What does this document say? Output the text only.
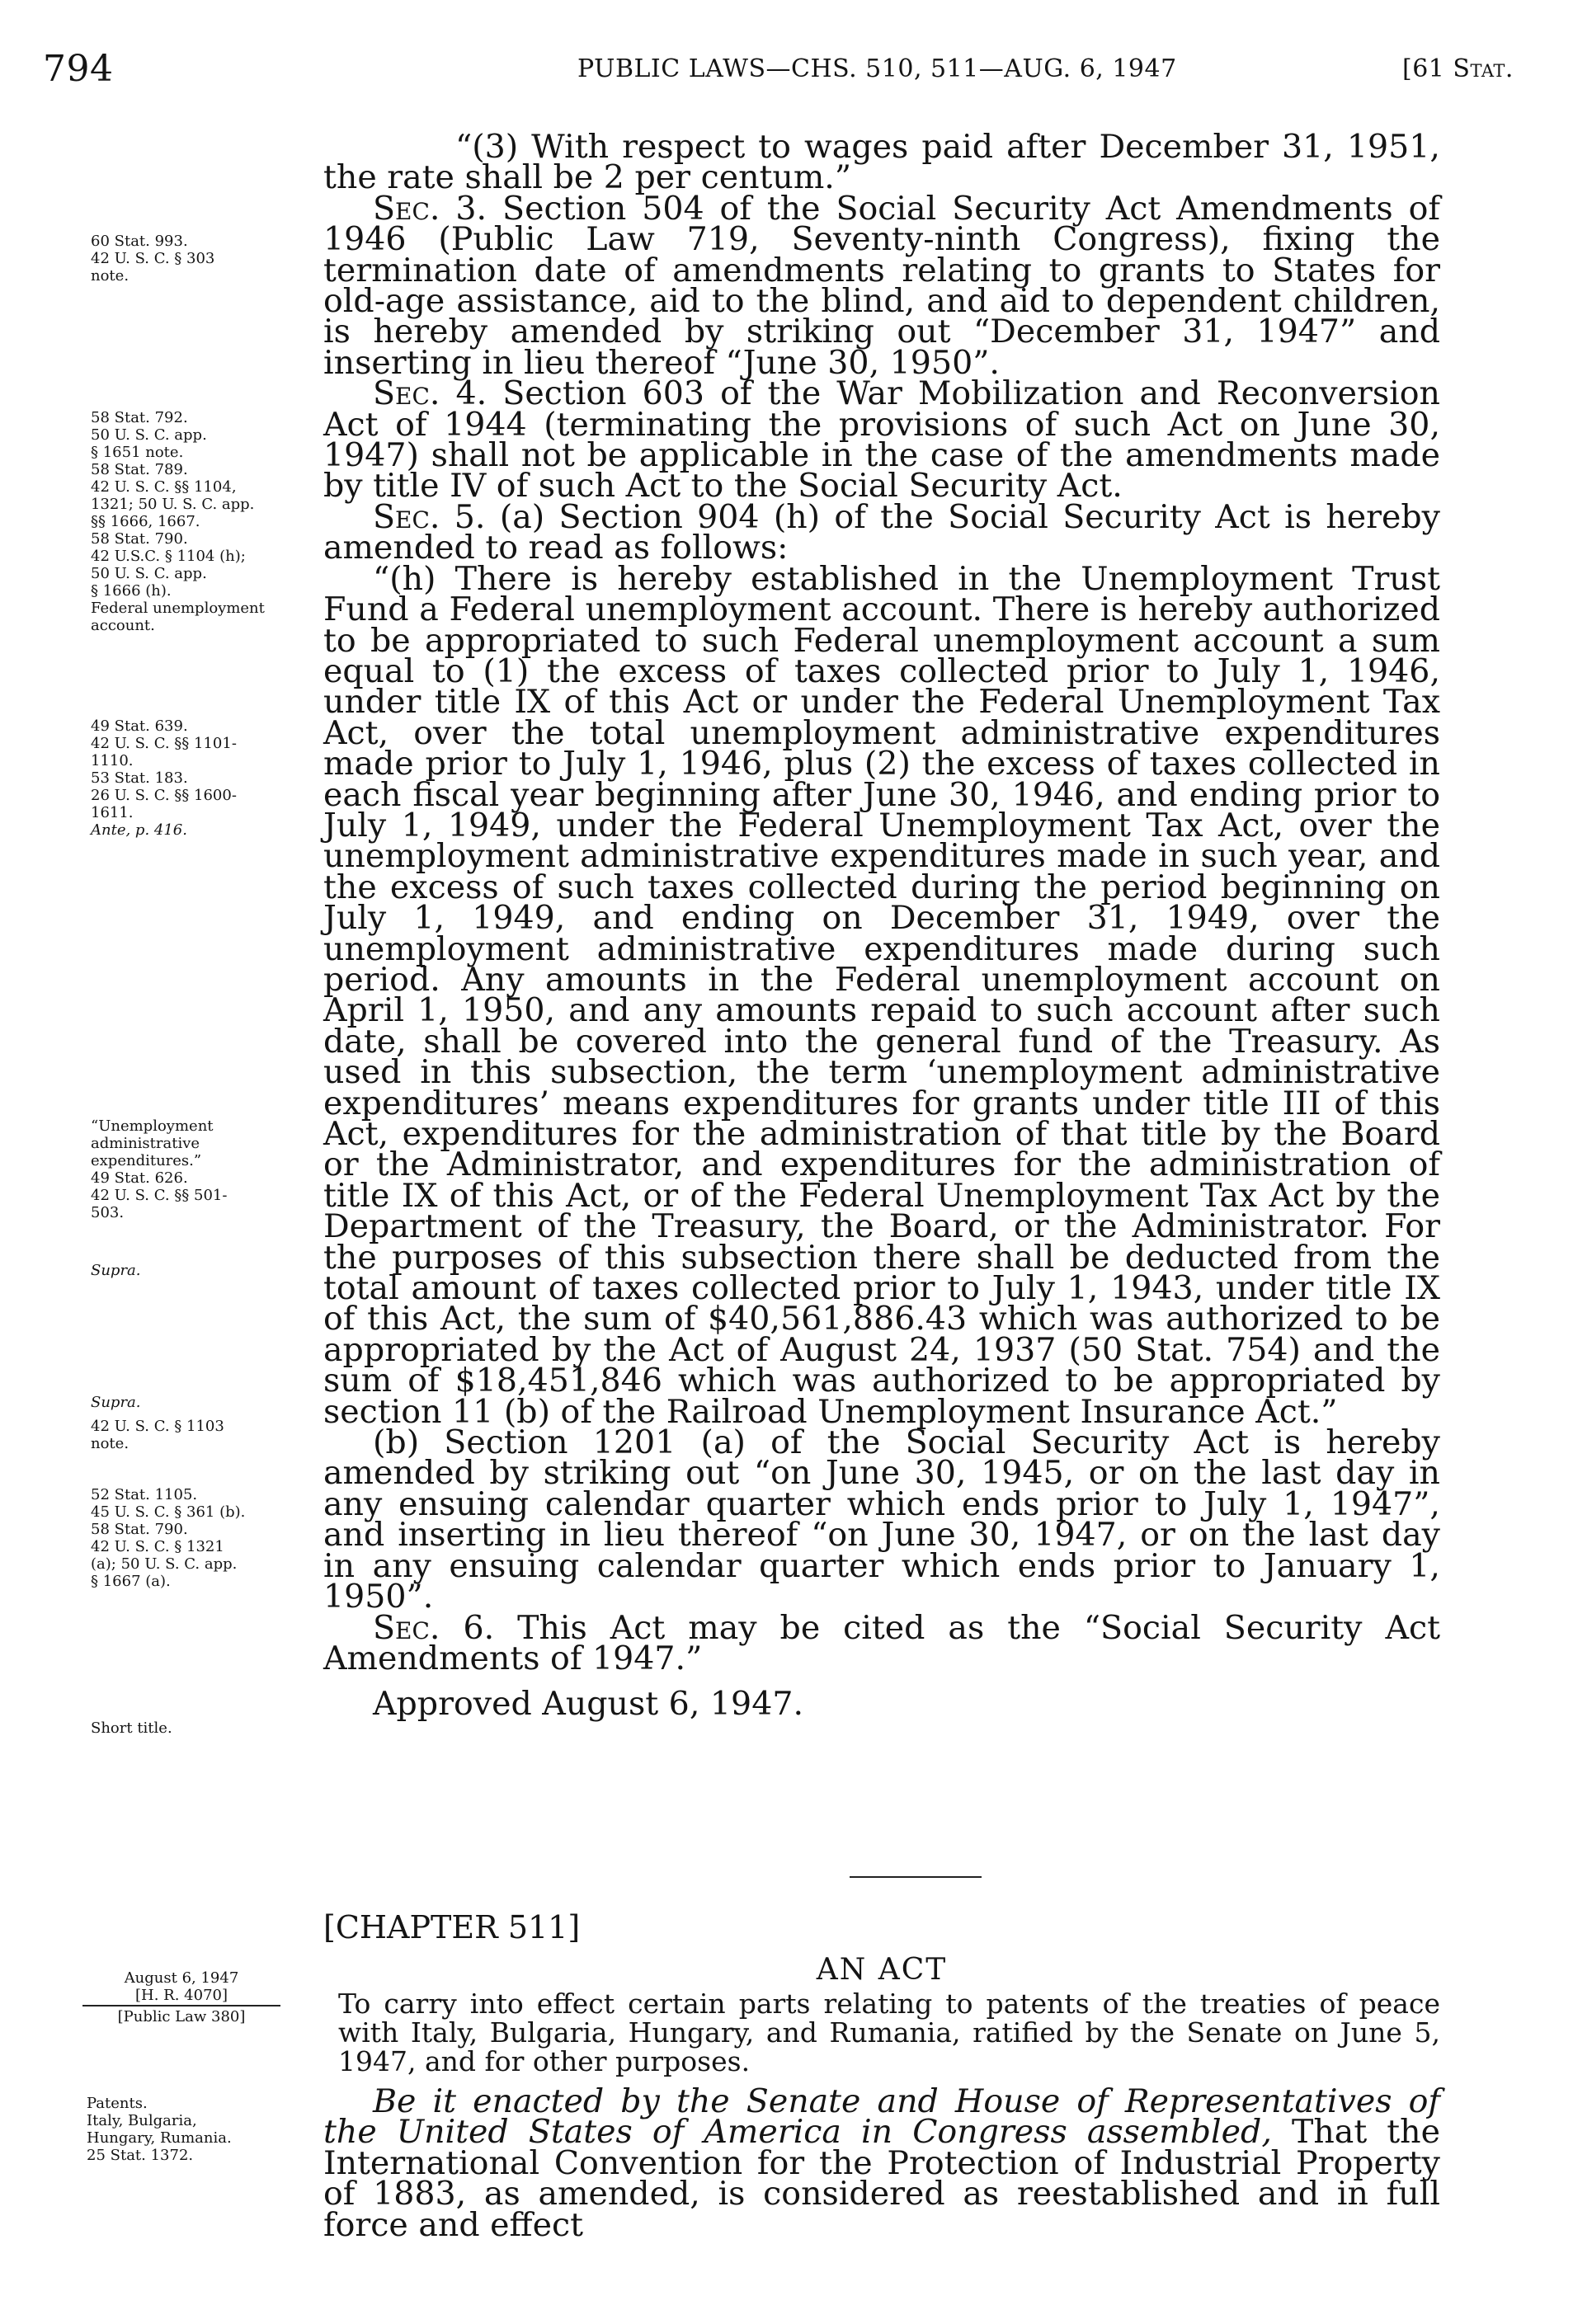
794	PUBLIC LAWS—CHS. 510, 511—AUG. 6, 1947	[61 Stat.

“(3) With respect to wages paid after December 31, 1951, the rate shall be 2 per centum.”

Sec. 3. Section 504 of the Social Security Act Amendments of 1946 (Public Law 719, Seventy-ninth Congress), fixing the termination date of amendments relating to grants to States for old-age assistance, aid to the blind, and aid to dependent children, is hereby amended by striking out “December 31, 1947” and inserting in lieu thereof “June 30, 1950”.

Sec. 4. Section 603 of the War Mobilization and Reconversion Act of 1944 (terminating the provisions of such Act on June 30, 1947) shall not be applicable in the case of the amendments made by title IV of such Act to the Social Security Act.

Sec. 5. (a) Section 904 (h) of the Social Security Act is hereby amended to read as follows:

“(h) There is hereby established in the Unemployment Trust Fund a Federal unemployment account. There is hereby authorized to be appropriated to such Federal unemployment account a sum equal to (1) the excess of taxes collected prior to July 1, 1946, under title IX of this Act or under the Federal Unemployment Tax Act, over the total unemployment administrative expenditures made prior to July 1, 1946, plus (2) the excess of taxes collected in each fiscal year beginning after June 30, 1946, and ending prior to July 1, 1949, under the Federal Unemployment Tax Act, over the unemployment administrative expenditures made in such year, and the excess of such taxes collected during the period beginning on July 1, 1949, and ending on December 31, 1949, over the unemployment administrative expenditures made during such period. Any amounts in the Federal unemployment account on April 1, 1950, and any amounts repaid to such account after such date, shall be covered into the general fund of the Treasury. As used in this subsection, the term ‘unemployment administrative expenditures’ means expenditures for grants under title III of this Act, expenditures for the administration of that title by the Board or the Administrator, and expenditures for the administration of title IX of this Act, or of the Federal Unemployment Tax Act by the Department of the Treasury, the Board, or the Administrator. For the purposes of this subsection there shall be deducted from the total amount of taxes collected prior to July 1, 1943, under title IX of this Act, the sum of $40,561,886.43 which was authorized to be appropriated by the Act of August 24, 1937 (50 Stat. 754) and the sum of $18,451,846 which was authorized to be appropriated by section 11 (b) of the Railroad Unemployment Insurance Act.”

(b) Section 1201 (a) of the Social Security Act is hereby amended by striking out “on June 30, 1945, or on the last day in any ensuing calendar quarter which ends prior to July 1, 1947”, and inserting in lieu thereof “on June 30, 1947, or on the last day in any ensuing calendar quarter which ends prior to January 1, 1950”.

Sec. 6. This Act may be cited as the “Social Security Act Amendments of 1947.”

Approved August 6, 1947.

[CHAPTER 511]
AN ACT
To carry into effect certain parts relating to patents of the treaties of peace with Italy, Bulgaria, Hungary, and Rumania, ratified by the Senate on June 5, 1947, and for other purposes.

Be it enacted by the Senate and House of Representatives of the United States of America in Congress assembled, That the International Convention for the Protection of Industrial Property of 1883, as amended, is considered as reestablished and in full force and effect

60 Stat. 993.
42 U. S. C. § 303
note.
58 Stat. 792.
50 U. S. C. app.
§ 1651 note.
58 Stat. 789.
42 U. S. C. §§ 1104,
1321; 50 U. S. C. app.
§§ 1666, 1667.
58 Stat. 790.
42 U.S.C. § 1104 (h);
50 U. S. C. app.
§ 1666 (h).
Federal unemployment account.
49 Stat. 639.
42 U. S. C. §§ 1101-
1110.
53 Stat. 183.
26 U. S. C. §§ 1600-
1611.
Ante, p. 416.
“Unemployment administrative expenditures.”
49 Stat. 626.
42 U. S. C. §§ 501-
503.
Supra.
Supra.
42 U. S. C. § 1103
note.
52 Stat. 1105.
45 U. S. C. § 361 (b).
58 Stat. 790.
42 U. S. C. § 1321
(a); 50 U. S. C. app.
§ 1667 (a).
Short title.
August 6, 1947
[H. R. 4070]
[Public Law 380]
Patents.
Italy, Bulgaria,
Hungary, Rumania.
25 Stat. 1372.
